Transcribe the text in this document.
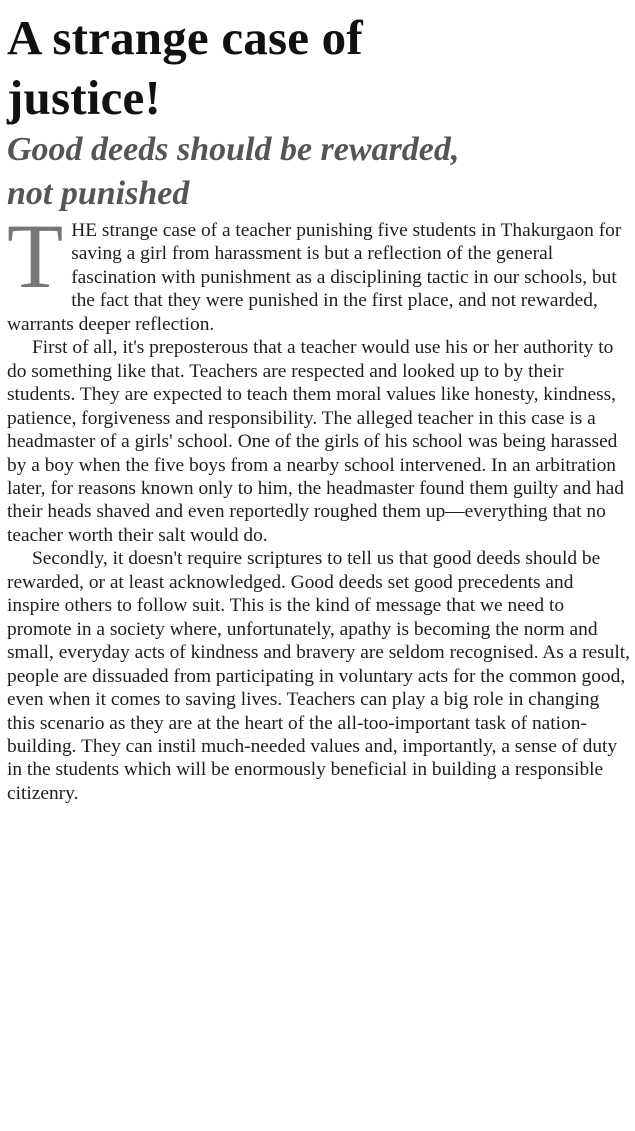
A strange case of
justice!
Good deeds should be rewarded,
not punished

THE strange case of a teacher punishing five students in Thakurgaon for saving a girl from harassment is but a reflection of the general fascination with punishment as a disciplining tactic in our schools, but the fact that they were punished in the first place, and not rewarded, warrants deeper reflection.

First of all, it's preposterous that a teacher would use his or her authority to do something like that. Teachers are respected and looked up to by their students. They are expected to teach them moral values like honesty, kindness, patience, forgiveness and responsibility. The alleged teacher in this case is a headmaster of a girls' school. One of the girls of his school was being harassed by a boy when the five boys from a nearby school intervened. In an arbitration later, for reasons known only to him, the headmaster found them guilty and had their heads shaved and even reportedly roughed them up—everything that no teacher worth their salt would do.

Secondly, it doesn't require scriptures to tell us that good deeds should be rewarded, or at least acknowledged. Good deeds set good precedents and inspire others to follow suit. This is the kind of message that we need to promote in a society where, unfortunately, apathy is becoming the norm and small, everyday acts of kindness and bravery are seldom recognised. As a result, people are dissuaded from participating in voluntary acts for the common good, even when it comes to saving lives. Teachers can play a big role in changing this scenario as they are at the heart of the all-too-important task of nation-building. They can instil much-needed values and, importantly, a sense of duty in the students which will be enormously beneficial in building a responsible citizenry.
